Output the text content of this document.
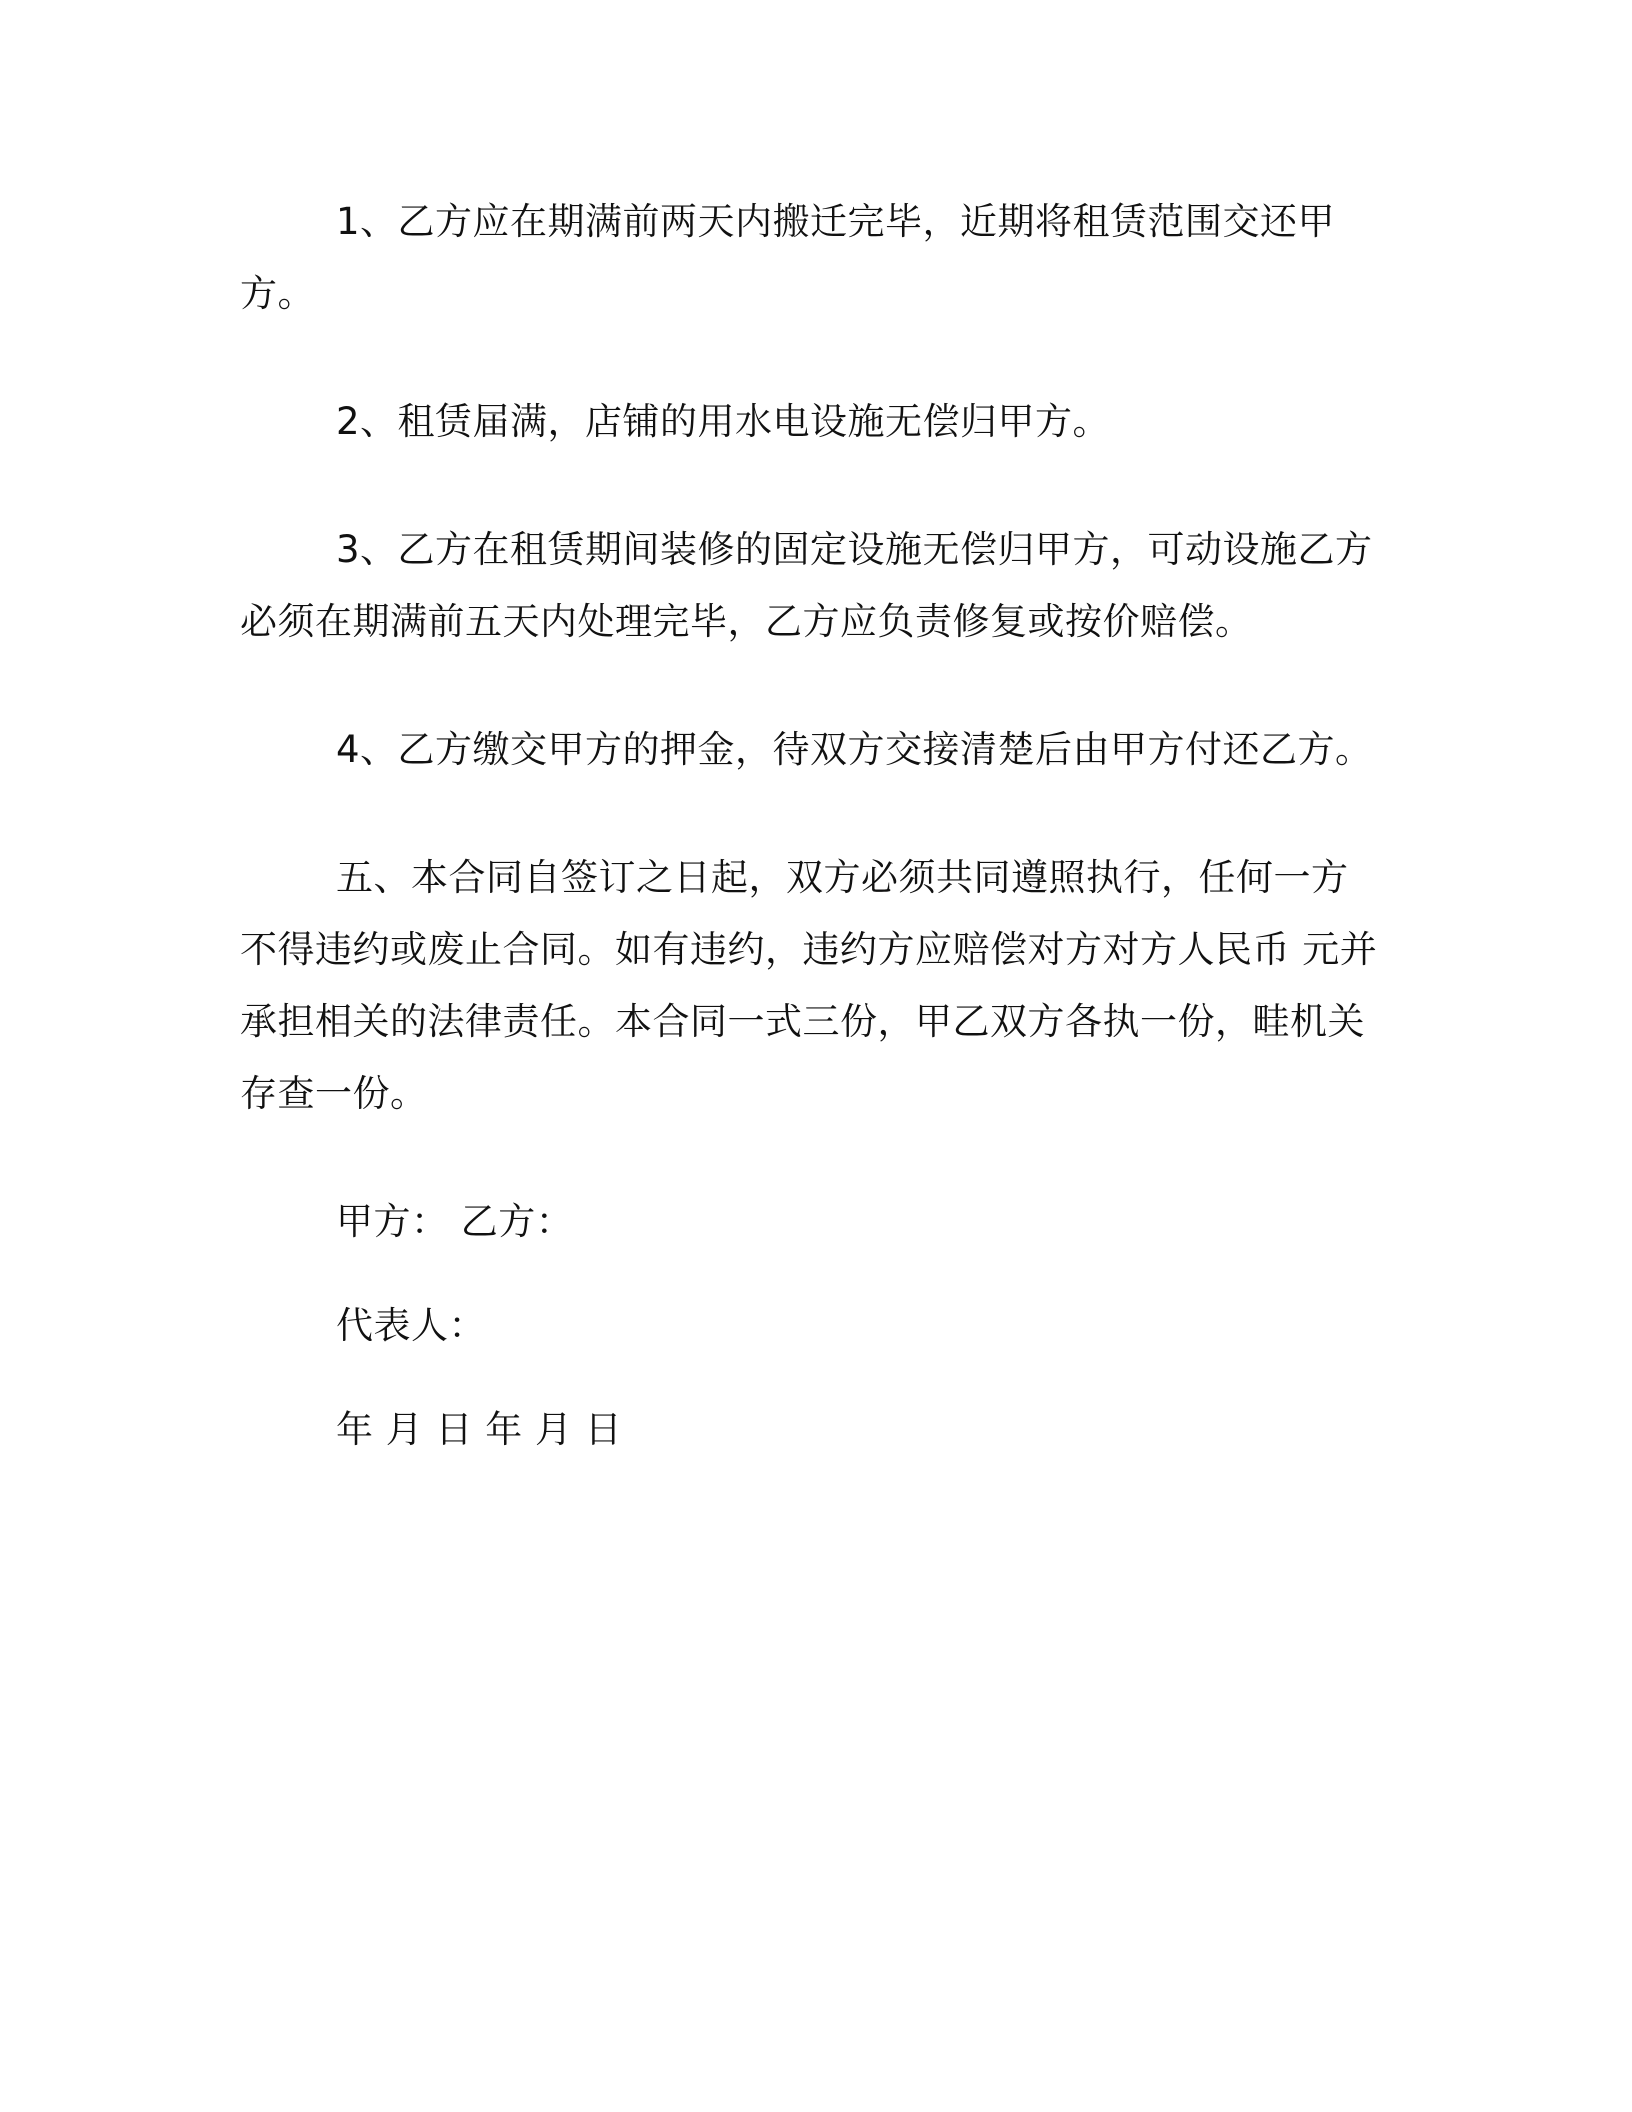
1、乙方应在期满前两天内搬迁完毕，近期将租赁范围交还甲方。

2、租赁届满，店铺的用水电设施无偿归甲方。

3、乙方在租赁期间装修的固定设施无偿归甲方，可动设施乙方必须在期满前五天内处理完毕，乙方应负责修复或按价赔偿。

4、乙方缴交甲方的押金，待双方交接清楚后由甲方付还乙方。

五、本合同自签订之日起，双方必须共同遵照执行，任何一方不得违约或废止合同。如有违约，违约方应赔偿对方对方人民币 元并承担相关的法律责任。本合同一式三份，甲乙双方各执一份，畦机关存查一份。

甲方： 乙方：

代表人：

年 月 日 年 月 日
